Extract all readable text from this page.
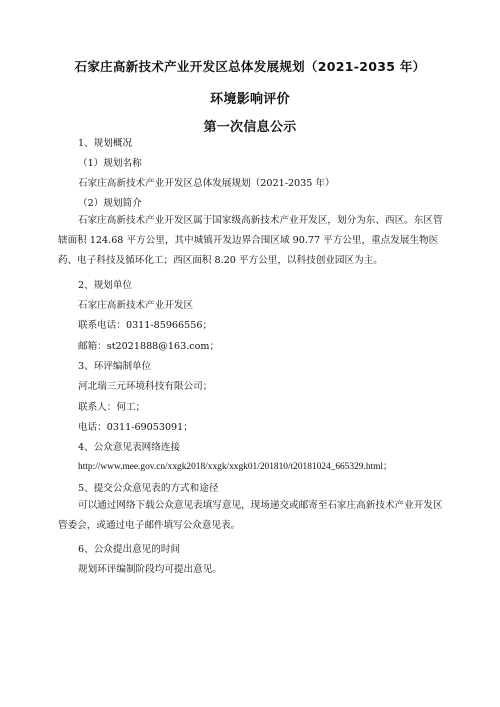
石家庄高新技术产业开发区总体发展规划（2021-2035 年）
环境影响评价
第一次信息公示
1、规划概况
（1）规划名称
石家庄高新技术产业开发区总体发展规划（2021-2035 年）
（2）规划简介
石家庄高新技术产业开发区属于国家级高新技术产业开发区，划分为东、西区。东区管辖面积 124.68 平方公里，其中城镇开发边界合围区域 90.77 平方公里，重点发展生物医药、电子科技及循环化工；西区面积 8.20 平方公里，以科技创业园区为主。
2、规划单位
石家庄高新技术产业开发区
联系电话：0311-85966556；
邮箱：st2021888@163.com；
3、环评编制单位
河北瑞三元环境科技有限公司；
联系人：何工；
电话：0311-69053091；
4、公众意见表网络连接
http://www.mee.gov.cn/xxgk2018/xxgk/xxgk01/201810/t20181024_665329.html；
5、提交公众意见表的方式和途径
可以通过网络下载公众意见表填写意见，现场递交或邮寄至石家庄高新技术产业开发区管委会，或通过电子邮件填写公众意见表。
6、公众提出意见的时间
规划环评编制阶段均可提出意见。
